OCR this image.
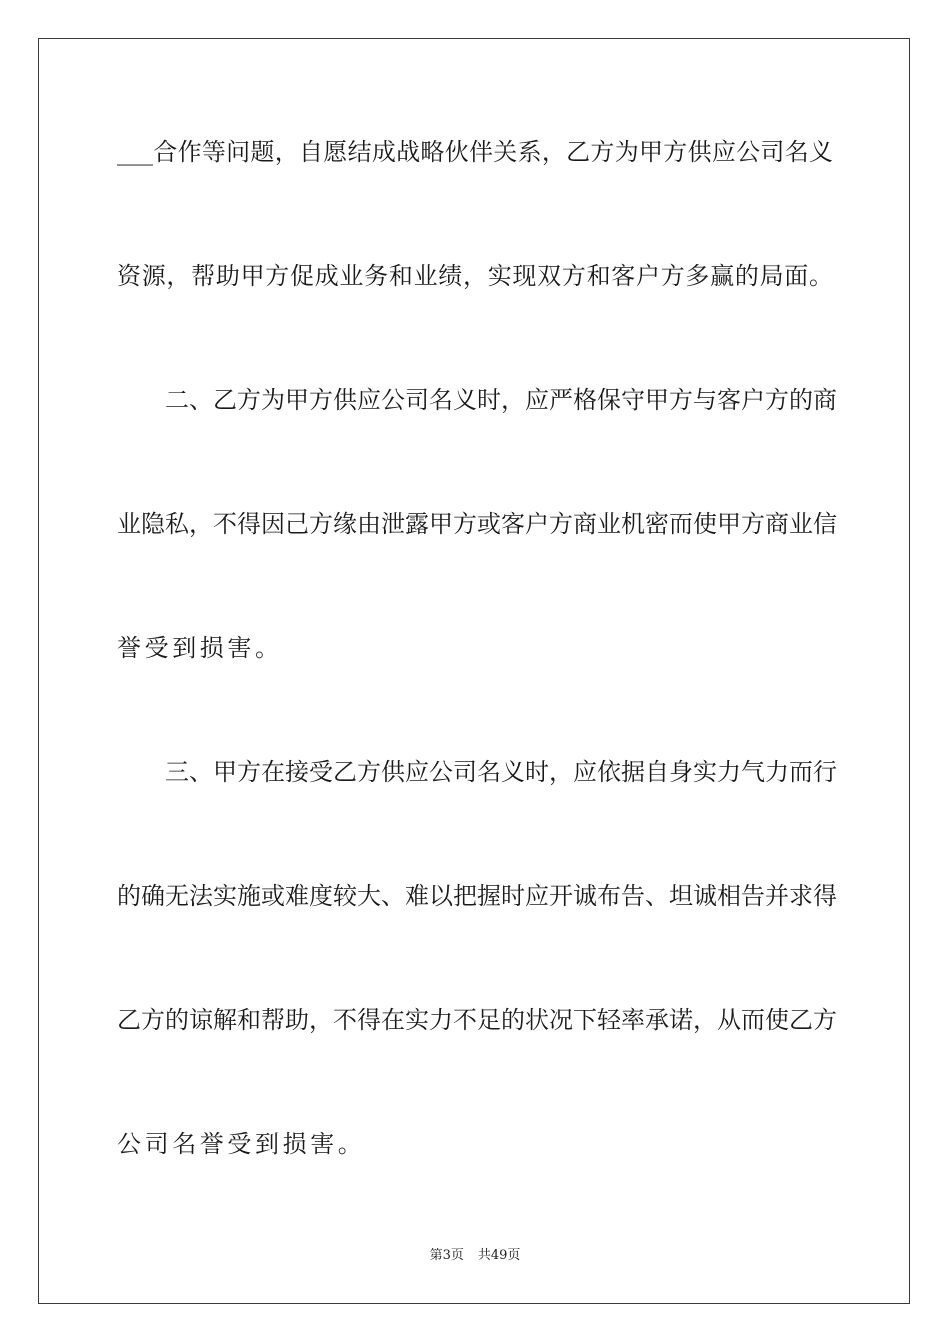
___合作等问题，自愿结成战略伙伴关系，乙方为甲方供应公司名义
资源，帮助甲方促成业务和业绩，实现双方和客户方多赢的局面。
二、乙方为甲方供应公司名义时，应严格保守甲方与客户方的商
业隐私，不得因己方缘由泄露甲方或客户方商业机密而使甲方商业信
誉受到损害。
三、甲方在接受乙方供应公司名义时，应依据自身实力气力而行
的确无法实施或难度较大、难以把握时应开诚布告、坦诚相告并求得
乙方的谅解和帮助，不得在实力不足的状况下轻率承诺，从而使乙方
公司名誉受到损害。
第3页 共49页
